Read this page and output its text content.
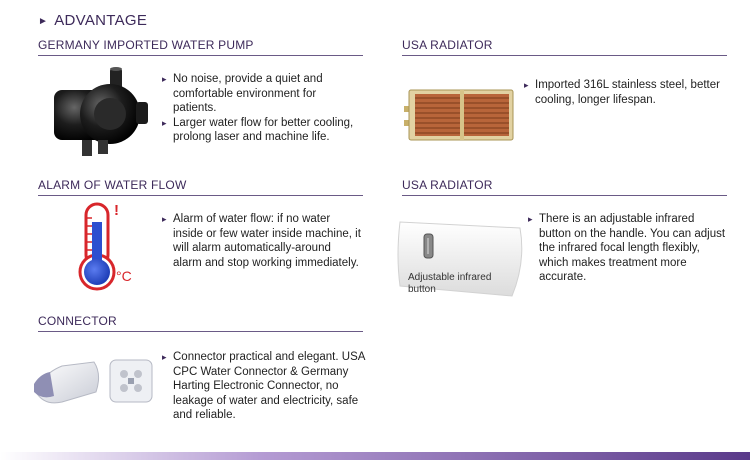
► ADVANTAGE
GERMANY IMPORTED WATER PUMP

▸ No noise, provide a quiet and comfortable environment for patients.

▸ Larger water flow for better cooling, prolong laser and machine life.

USA RADIATOR

▸ Imported 316L stainless steel, better cooling, longer lifespan.

ALARM OF WATER FLOW
!
°C

▸ Alarm of water flow: if no water inside or few water inside machine, it will alarm automatically-around alarm and stop working immediately.

USA RADIATOR
Adjustable infrared button

▸ There is an adjustable infrared button on the handle. You can adjust the infrared focal length flexibly, which makes treatment more accurate.

CONNECTOR

▸ Connector practical and elegant. USA CPC Water Connector & Germany Harting Electronic Connector, no leakage of water and electricity, safe and reliable.
